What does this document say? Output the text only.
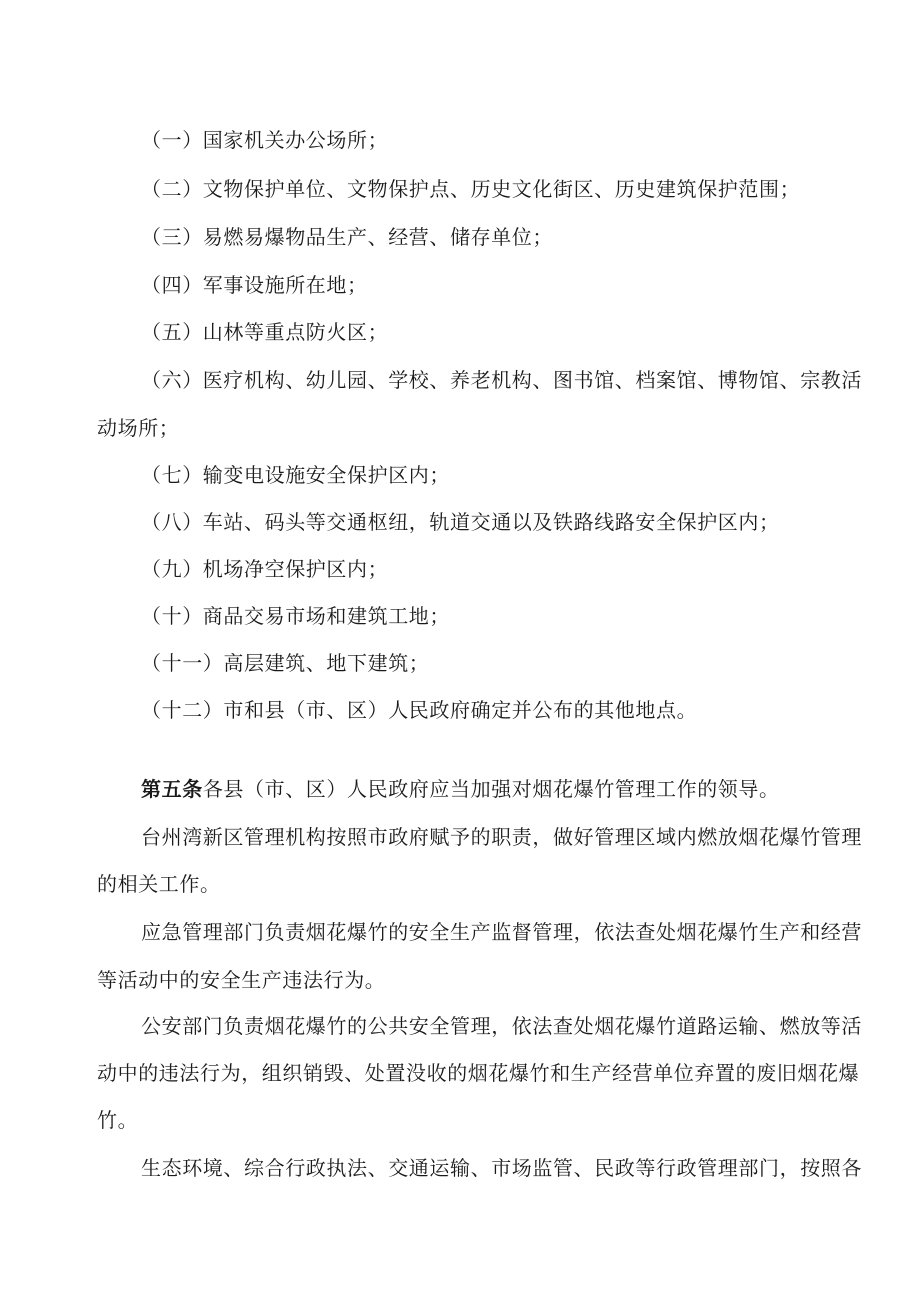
（一）国家机关办公场所；
（二）文物保护单位、文物保护点、历史文化街区、历史建筑保护范围；
（三）易燃易爆物品生产、经营、储存单位；
（四）军事设施所在地；
（五）山林等重点防火区；
（六）医疗机构、幼儿园、学校、养老机构、图书馆、档案馆、博物馆、宗教活
动场所；
（七）输变电设施安全保护区内；
（八）车站、码头等交通枢纽，轨道交通以及铁路线路安全保护区内；
（九）机场净空保护区内；
（十）商品交易市场和建筑工地；
（十一）高层建筑、地下建筑；
（十二）市和县（市、区）人民政府确定并公布的其他地点。
第五条各县（市、区）人民政府应当加强对烟花爆竹管理工作的领导。
台州湾新区管理机构按照市政府赋予的职责，做好管理区域内燃放烟花爆竹管理
的相关工作。
应急管理部门负责烟花爆竹的安全生产监督管理，依法查处烟花爆竹生产和经营
等活动中的安全生产违法行为。
公安部门负责烟花爆竹的公共安全管理，依法查处烟花爆竹道路运输、燃放等活
动中的违法行为，组织销毁、处置没收的烟花爆竹和生产经营单位弃置的废旧烟花爆
竹。
生态环境、综合行政执法、交通运输、市场监管、民政等行政管理部门，按照各
